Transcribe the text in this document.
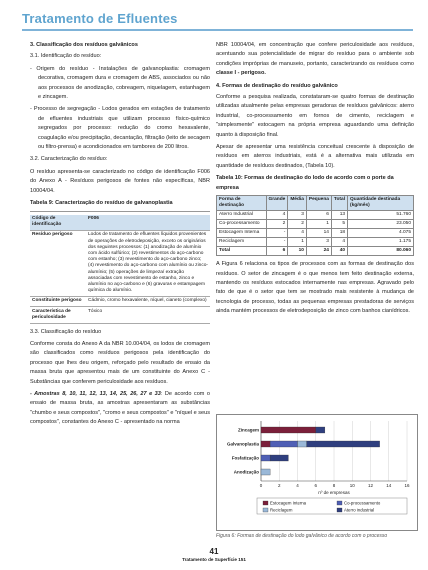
Tratamento de Efluentes
3. Classificação dos resíduos galvânicos
3.1. Identificação do resíduo:
- Origem do resíduo - Instalações de galvanoplastia: cromagem decorativa, cromagem dura e cromagem de ABS, associados ou não aos processos de anodização, cobreagem, niquelagem, estanhagem e zincagem.
- Processo de segregação - Lodos gerados em estações de tratamento de efluentes industriais que utilizam processo físico-químico segregados por processo: redução do cromo hexavalente, coagulação e/ou precipitação, decantação, filtração (leito de secagem ou filtro-prensa) e acondicionados em tambores de 200 litros.
3.2. Caracterização do resíduo:
O resíduo apresenta-se caracterizado no código de identificação F006 do Anexo A - Resíduos perigosos de fontes não específicas, NBR 10004/04.
Tabela 9: Caracterização do resíduo de galvanoplastia
Código de identificação	F006
Resíduo perigoso	Lodos de tratamento de efluentes líquidos provenientes de operações de eletrodeposição, exceto os originários dos seguintes processos: (1) anodização de alumínio com ácido sulfúrico; (2) revestimentos do aço-carbono com estanho; (3) revestimento do aço-carbono zinco; (4) revestimento do aço-carbono com alumínio ou zinco-alumínio; (5) operações de limpeza/ extração associadas com revestimento de estanho, zinco e alumínio no aço-carbono e (6) gravuras e estampagem química do alumínio.
Constituinte perigoso	Cádmio, cromo hexavalente, níquel, cianeto (complexo)
Característica de periculosidade	Tóxico
3.3. Classificação do resíduo
Conforme consta do Anexo A da NBR 10.004/04, os lodos de cromagem são classificados como resíduos perigosos pela identificação do processo que lhes deu origem, reforçado pelo resultado de ensaio da massa bruta que apresentou mais de um constituinte do Anexo C - Substâncias que conferem periculosidade aos resíduos.
- Amostras 8, 10, 11, 12, 13, 14, 25, 26, 27 e 33: De acordo com o ensaio de massa bruta, as amostras apresentaram as substâncias "chumbo e seus compostos", "cromo e seus compostos" e "níquel e seus compostos", constantes do Anexo C - apresentado na norma
NBR 10004/04, em concentração que confere periculosidade aos resíduos, acentuando sua potencialidade de migrar do resíduo para o ambiente sob condições impróprias de manuseio, portanto, caracterizando os resíduos como classe I - perigoso.
4. Formas de destinação do resíduo galvânico
Conforme a pesquisa realizada, constataram-se quatro formas de destinação utilizadas atualmente pelas empresas geradoras de resíduos galvânicos: aterro industrial, co-processamento em fornos de cimento, reciclagem e "simplesmente" estocagem na própria empresa aguardando uma definição quanto à disposição final.
Apesar de apresentar uma resistência conceitual crescente à disposição de resíduos em aterros industriais, está é a alternativa mais utilizada em quantidade de resíduos destinados, (Tabela 10).
Tabela 10: Formas de destinação do lodo de acordo com o porte da empresa
Forma de destinação	Grande	Média	Pequena	Total	Quantidade destinada (kg/mês)
Aterro Industrial	4	3	6	13	51.760
Co-processamento	2	2	1	5	23.050
Estocagem Interna	-	4	14	18	4.075
Reciclagem	-	1	3	4	1.175
Total	6	10	24	40	80.060
A Figura 6 relaciona os tipos de processos com as formas de destinação dos resíduos. O setor de zincagem é o que menos tem feito destinação externa, mantendo os resíduos estocados internamente nas empresas. Agravado pelo fato de que é o setor que tem se mostrado mais resistente à mudança de tecnologia de processo, todas as pequenas empresas prestadoras de serviços ainda mantém processos de eletrodeposição de zinco com banhos cianídricos.
0	2	4	6	8	10	12	14	16
Zincagem
Galvanoplastia
Fosfatização
Anodização
nº de empresas
Estocagem Interna	Co-processamento
Reciclagem	Aterro industrial
Figura 6: Formas de destinação do lodo galvânico de acordo com o processo
41
Tratamento de Superfície 151
